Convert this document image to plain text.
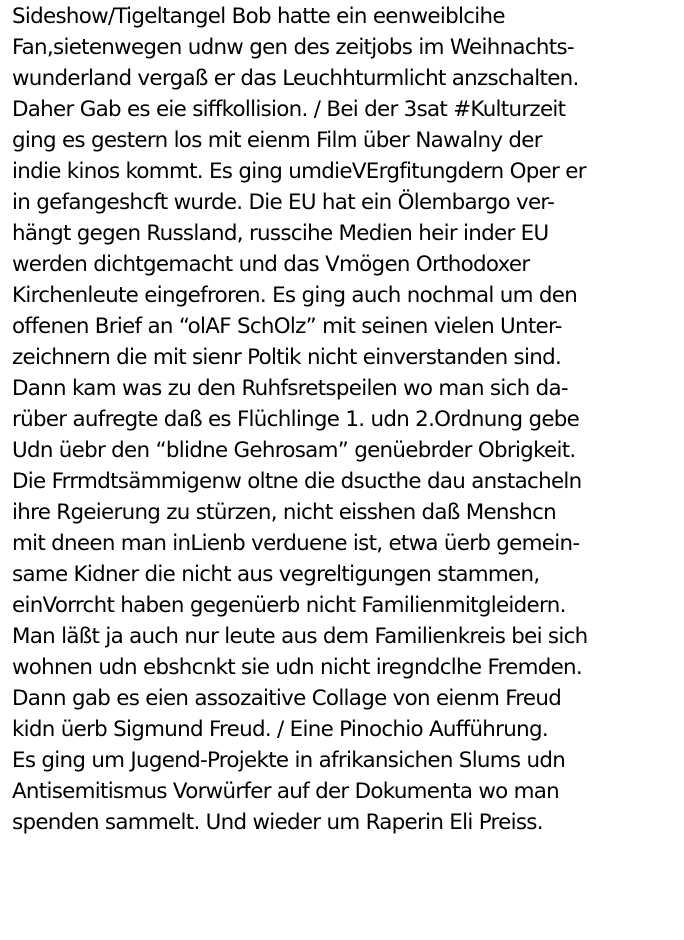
Sideshow/Tigeltangel Bob hatte ein eenweiblcihe
Fan,sietenwegen udnw gen des zeitjobs im Weihnachts-
wunderland vergaß er das Leuchhturmlicht anzschalten.
Daher Gab es eie siffkollision. / Bei der 3sat #Kulturzeit
ging es gestern los mit eienm Film über Nawalny der
indie kinos kommt. Es ging umdieVErgfitungdern Oper er
in gefangeshcft wurde. Die EU hat ein Ölembargo ver-
hängt gegen Russland, russcihe Medien heir inder EU
werden dichtgemacht und das Vmögen Orthodoxer
Kirchenleute eingefroren. Es ging auch nochmal um den
offenen Brief an “olAF SchOlz” mit seinen vielen Unter-
zeichnern die mit sienr Poltik nicht einverstanden sind.
Dann kam was zu den Ruhfsretspeilen wo man sich da-
rüber aufregte daß es Flüchlinge 1. udn 2.Ordnung gebe
Udn üebr den “blidne Gehrosam” genüebrder Obrigkeit.
Die Frrmdtsämmigenw oltne die dsucthe dau anstacheln
ihre Rgeierung zu stürzen, nicht eisshen daß Menshcn
mit dneen man inLienb verduene ist, etwa üerb gemein-
same Kidner die nicht aus vegreltigungen stammen,
einVorrcht haben gegenüerb nicht Familienmitgleidern.
Man läßt ja auch nur leute aus dem Familienkreis bei sich
wohnen udn ebshcnkt sie udn nicht iregndclhe Fremden.
Dann gab es eien assozaitive Collage von eienm Freud
kidn üerb Sigmund Freud. / Eine Pinochio Aufführung.
Es ging um Jugend-Projekte in afrikansichen Slums udn
Antisemitismus Vorwürfer auf der Dokumenta wo man
spenden sammelt. Und wieder um Raperin Eli Preiss.
